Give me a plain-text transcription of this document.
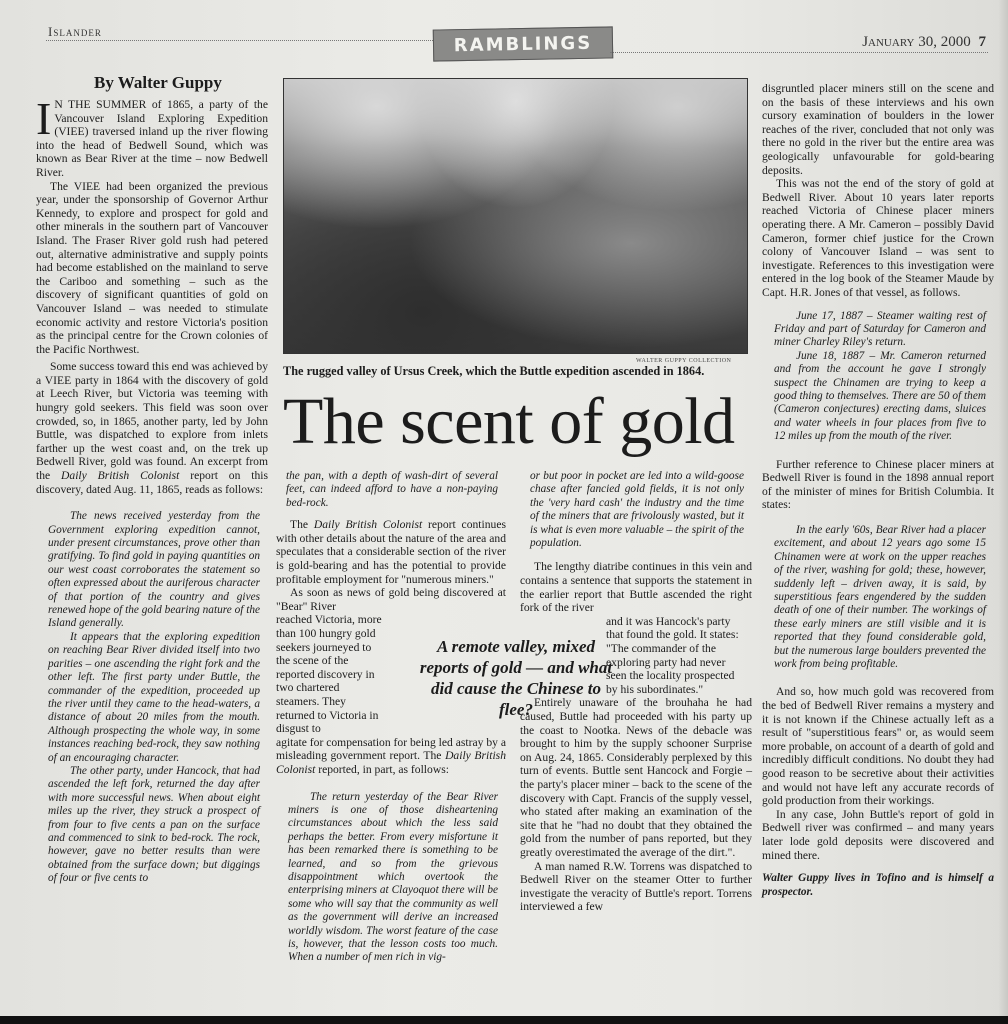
Islander
RAMBLINGS	January 30, 2000 7
By Walter Guppy

I N THE SUMMER of 1865, a party of the Vancouver Island Exploring Expedition (VIEE) traversed inland up the river flowing into the head of Bedwell Sound, which was known as Bear River at the time – now Bedwell River.

The VIEE had been organized the previous year, under the sponsorship of Governor Arthur Kennedy, to explore and prospect for gold and other minerals in the southern part of Vancouver Island. The Fraser River gold rush had petered out, alternative administrative and supply points had become established on the mainland to serve the Cariboo and something – such as the discovery of significant quantities of gold on Vancouver Island – was needed to stimulate economic activity and restore Victoria's position as the principal centre for the Crown colonies of the Pacific Northwest.

Some success toward this end was achieved by a VIEE party in 1864 with the discovery of gold at Leech River, but Victoria was teeming with hungry gold seekers. This field was soon over crowded, so, in 1865, another party, led by John Buttle, was dispatched to explore from inlets farther up the west coast and, on the trek up Bedwell River, gold was found. An excerpt from the Daily British Colonist report on this discovery, dated Aug. 11, 1865, reads as follows:

The news received yesterday from the Government exploring expedition cannot, under present circumstances, prove other than gratifying. To find gold in paying quantities on our west coast corroborates the statement so often expressed about the auriferous character of that portion of the country and gives renewed hope of the gold bearing nature of the Island generally.

It appears that the exploring expedition on reaching Bear River divided itself into two parities – one ascending the right fork and the other left. The first party under Buttle, the commander of the expedition, proceeded up the river until they came to the head-waters, a distance of about 20 miles from the mouth. Although prospecting the whole way, in some instances reaching bed-rock, they saw nothing of an encouraging character.

The other party, under Hancock, that had ascended the left fork, returned the day after with more successful news. When about eight miles up the river, they struck a prospect of from four to five cents a pan on the surface and commenced to sink to bed-rock. The rock, however, gave no better results than were obtained from the surface down; but diggings of four or five cents to

WALTER GUPPY COLLECTION
The rugged valley of Ursus Creek, which the Buttle expedition ascended in 1864.
The scent of gold

the pan, with a depth of wash-dirt of several feet, can indeed afford to have a non-paying bed-rock.

The Daily British Colonist report continues with other details about the nature of the area and speculates that a considerable section of the river is gold-bearing and has the potential to provide profitable employment for "numerous miners."

As soon as news of gold being discovered at "Bear" River

reached Victoria, more than 100 hungry gold seekers journeyed to the scene of the reported discovery in two chartered steamers. They returned to Victoria in disgust to

agitate for compensation for being led astray by a misleading government report. The Daily British Colonist reported, in part, as follows:

The return yesterday of the Bear River miners is one of those disheartening circumstances about which the less said perhaps the better. From every misfortune it has been remarked there is something to be learned, and so from the grievous disappointment which overtook the enterprising miners at Clayoquot there will be some who will say that the community as well as the government will derive an increased worldly wisdom. The worst feature of the case is, however, that the lesson costs too much. When a number of men rich in vig-

A remote valley, mixed reports of gold — and what did cause the Chinese to flee?

or but poor in pocket are led into a wild-goose chase after fancied gold fields, it is not only the 'very hard cash' the industry and the time of the miners that are frivolously wasted, but it is what is even more valuable – the spirit of the population.

The lengthy diatribe continues in this vein and contains a sentence that supports the statement in the earlier report that Buttle ascended the right fork of the river

and it was Hancock's party that found the gold. It states: "The commander of the exploring party had never seen the locality prospected by his subordinates."

Entirely unaware of the brouhaha he had caused, Buttle had proceeded with his party up the coast to Nootka. News of the debacle was brought to him by the supply schooner Surprise on Aug. 24, 1865. Considerably perplexed by this turn of events. Buttle sent Hancock and Forgie – the party's placer miner – back to the scene of the discovery with Capt. Francis of the supply vessel, who stated after making an examination of the site that he "had no doubt that they obtained the gold from the number of pans reported, but they greatly overestimated the average of the dirt.".

A man named R.W. Torrens was dispatched to Bedwell River on the steamer Otter to further investigate the veracity of Buttle's report. Torrens interviewed a few

disgruntled placer miners still on the scene and on the basis of these interviews and his own cursory examination of boulders in the lower reaches of the river, concluded that not only was there no gold in the river but the entire area was geologically unfavourable for gold-bearing deposits.

This was not the end of the story of gold at Bedwell River. About 10 years later reports reached Victoria of Chinese placer miners operating there. A Mr. Cameron – possibly David Cameron, former chief justice for the Crown colony of Vancouver Island – was sent to investigate. References to this investigation were entered in the log book of the Steamer Maude by Capt. H.R. Jones of that vessel, as follows.

June 17, 1887 – Steamer waiting rest of Friday and part of Saturday for Cameron and miner Charley Riley's return.

June 18, 1887 – Mr. Cameron returned and from the account he gave I strongly suspect the Chinamen are trying to keep a good thing to themselves. There are 50 of them (Cameron conjectures) erecting dams, sluices and water wheels in four places from five to 12 miles up from the mouth of the river.

Further reference to Chinese placer miners at Bedwell River is found in the 1898 annual report of the minister of mines for British Columbia. It states:

In the early '60s, Bear River had a placer excitement, and about 12 years ago some 15 Chinamen were at work on the upper reaches of the river, washing for gold; these, however, suddenly left – driven away, it is said, by superstitious fears engendered by the sudden death of one of their number. The workings of these early miners are still visible and it is reported that they found considerable gold, but the numerous large boulders prevented the work from being profitable.

And so, how much gold was recovered from the bed of Bedwell River remains a mystery and it is not known if the Chinese actually left as a result of "superstitious fears" or, as would seem more probable, on account of a dearth of gold and incredibly difficult conditions. No doubt they had good reason to be secretive about their activities and would not have left any accurate records of gold production from their workings.

In any case, John Buttle's report of gold in Bedwell river was confirmed – and many years later lode gold deposits were discovered and mined there.

Walter Guppy lives in Tofino and is himself a prospector.
